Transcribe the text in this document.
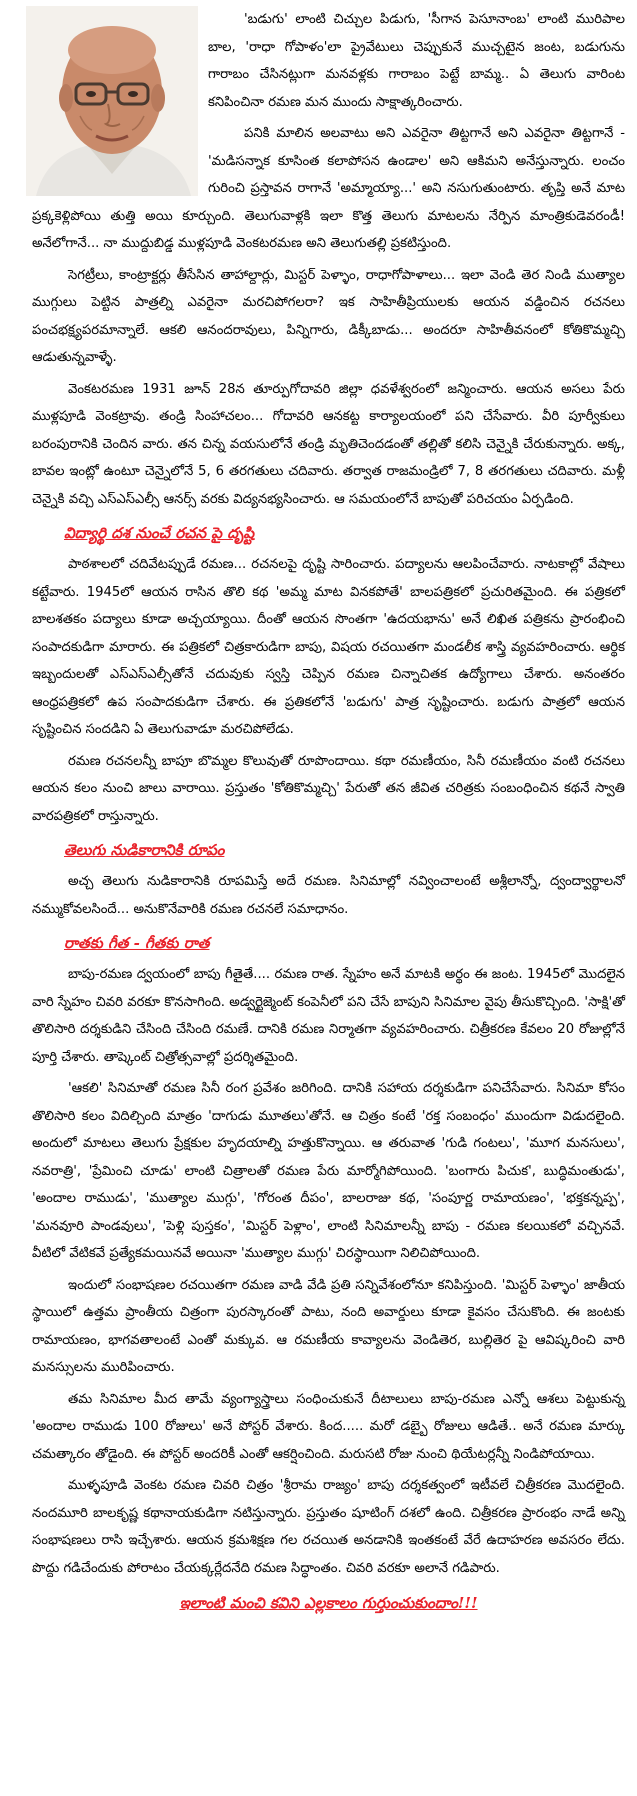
'బడుగు' లాంటి చిచ్చుల పిడుగు, 'సీగాన పెసూనాంబ' లాంటి మురిపాల బాల, 'రాధా గోపాళం'లా ప్రైవేటులు చెప్పుకునే ముచ్చటైన జంట, బడుగును గారాబం చేసినట్లుగా మనవళ్లకు గారాబం పెట్టే బామ్మ.. ఏ తెలుగు వారింట కనిపించినా రమణ మన ముందు సాక్షాత్కరించారు.

పనికి మాలిన అలవాటు అని ఎవరైనా తిట్టగానే అని ఎవరైనా తిట్టగానే - 'మడిసన్నాక కూసింత కలాపోసన ఉండాల' అని ఆకిమని అనేస్తున్నారు. లంచం గురించి ప్రస్తావన రాగానే 'అమ్మాయ్యా...' అని నసుగుతుంటారు. తృప్తి అనే మాట ప్రక్కకెళ్లిపోయి తుత్తి అయి కూర్చుంది. తెలుగువాళ్లకి ఇలా కొత్త తెలుగు మాటలను నేర్పిన మాంత్రికుడెవరండీ! అనేలోగానే... నా ముద్దుబిడ్డ ముళ్లపూడి వెంకటరమణ అని తెలుగుతల్లి ప్రకటిస్తుంది.

సెగట్రీలు, కాంట్రాక్టర్లు తీసేసిన తాహాల్దార్లు, మిస్టర్ పెళ్ళాం, రాధాగోపాళాలు... ఇలా వెండి తెర నిండి ముత్యాల ముగ్గులు పెట్టిన పాత్రల్ని ఎవరైనా మరచిపోగలరా? ఇక సాహితీప్రియులకు ఆయన వడ్డించిన రచనలు పంచభక్ష్యపరమాన్నాలే. ఆకలి ఆనందరావులు, పిన్నిగారు, డిక్కీబాడు... అందరూ సాహితీవనంలో కోతికొమ్మచ్చి ఆడుతున్నవాళ్ళే.

వెంకటరమణ 1931 జూన్ 28న తూర్పుగోదావరి జిల్లా ధవళేశ్వరంలో జన్మించారు. ఆయన అసలు పేరు ముళ్లపూడి వెంకట్రావు. తండ్రి సింహాచలం... గోదావరి ఆనకట్ట కార్యాలయంలో పని చేసేవారు. వీరి పూర్వీకులు బరంపురానికి చెందిన వారు. తన చిన్న వయసులోనే తండ్రి మృతిచెందడంతో తల్లితో కలిసి చెన్నైకి చేరుకున్నారు. అక్క, బావల ఇంట్లో ఉంటూ చెన్నైలోనే 5, 6 తరగతులు చదివారు. తర్వాత రాజమండ్రిలో 7, 8 తరగతులు చదివారు. మళ్లీ చెన్నైకి వచ్చి ఎస్ఎస్ఎల్సీ ఆనర్స్ వరకు విద్యనభ్యసించారు. ఆ సమయంలోనే బాపుతో పరిచయం ఏర్పడింది.

విద్యార్థి దశ నుంచే రచన పై దృష్టి

పాఠశాలలో చదివేటప్పుడే రమణ... రచనలపై దృష్టి సారించారు. పద్యాలను ఆలపించేవారు. నాటకాల్లో వేషాలు కట్టేవారు. 1945లో ఆయన రాసిన తొలి కథ 'అమ్మ మాట వినకపోతే' బాలపత్రికలో ప్రచురితమైంది. ఈ పత్రికలో బాలశతకం పద్యాలు కూడా అచ్చయ్యాయి. దీంతో ఆయన సొంతగా 'ఉదయభాను' అనే లిఖిత పత్రికను ప్రారంభించి సంపాదకుడిగా మారారు. ఈ పత్రికలో చిత్రకారుడిగా బాపు, విషయ రచయితగా మండలీక శాస్త్రి వ్యవహరించారు. ఆర్థిక ఇబ్బందులతో ఎస్ఎస్ఎల్సీతోనే చదువుకు స్వస్తి చెప్పిన రమణ చిన్నాచితక ఉద్యోగాలు చేశారు. అనంతరం ఆంధ్రపత్రికలో ఉప సంపాదకుడిగా చేశారు. ఈ ప్రతికలోనే 'బడుగు' పాత్ర సృష్టించారు. బడుగు పాత్రలో ఆయన సృష్టించిన సందడిని ఏ తెలుగువాడూ మరచిపోలేడు.

రమణ రచనలన్నీ బాపూ బొమ్మల కొలువుతో రూపొందాయి. కథా రమణీయం, సినీ రమణీయం వంటి రచనలు ఆయన కలం నుంచి జాలు వారాయి. ప్రస్తుతం 'కోతికొమ్మచ్చి' పేరుతో తన జీవిత చరిత్రకు సంబంధించిన కథనే స్వాతి వారపత్రికలో రాస్తున్నారు.

తెలుగు నుడికారానికి రూపం

అచ్చ తెలుగు నుడికారానికి రూపమిస్తే అదే రమణ. సినిమాల్లో నవ్వించాలంటే అశ్లీలాన్నో, ద్వంద్వార్థాలనో నమ్ముకోవలసిందే... అనుకొనేవారికి రమణ రచనలే సమాధానం.

రాతకు గీత - గీతకు రాత

బాపు-రమణ ద్వయంలో బాపు గీతైతే.... రమణ రాత. స్నేహం అనే మాటకి అర్థం ఈ జంట. 1945లో మొదలైన వారి స్నేహం చివరి వరకూ కొనసాగింది. అడ్వర్టైజ్మెంట్ కంపెనీలో పని చేసే బాపుని సినిమాల వైపు తీసుకొచ్చింది. 'సాక్షి'తో తొలిసారి దర్శకుడిని చేసింది చేసింది రమణే. దానికి రమణ నిర్మాతగా వ్యవహరించారు. చిత్రీకరణ కేవలం 20 రోజుల్లోనే పూర్తి చేశారు. తాష్కెంట్ చిత్రోత్సవాల్లో ప్రదర్శితమైంది.

'ఆకలి' సినిమాతో రమణ సినీ రంగ ప్రవేశం జరిగింది. దానికి సహాయ దర్శకుడిగా పనిచేసేవారు. సినిమా కోసం తొలిసారి కలం విదిల్చింది మాత్రం 'దాగుడు మూతలు'తోనే. ఆ చిత్రం కంటే 'రక్త సంబంధం' ముందుగా విడుదలైంది. అందులో మాటలు తెలుగు ప్రేక్షకుల హృదయాల్ని హత్తుకొన్నాయి. ఆ తరువాత 'గుడి గంటలు', 'మూగ మనసులు', నవరాత్రి', 'ప్రేమించి చూడు' లాంటి చిత్రాలతో రమణ పేరు మార్మోగిపోయింది. 'బంగారు పిచుక', బుద్ధిమంతుడు', 'అందాల రాముడు', 'ముత్యాల ముగ్గు', 'గోరంత దీపం', బాలరాజు కథ, 'సంపూర్ణ రామాయణం', 'భక్తకన్నప్ప', 'మనవూరి పాండవులు', 'పెళ్లి పుస్తకం', 'మిస్టర్ పెళ్లాం', లాంటి సినిమాలన్నీ బాపు - రమణ కలయికలో వచ్చినవే. వీటిలో వేటికవే ప్రత్యేకమయినవే అయినా 'ముత్యాల ముగ్గు' చిరస్థాయిగా నిలిచిపోయింది.

ఇందులో సంభాషణల రచయితగా రమణ వాడి వేడి ప్రతి సన్నివేశంలోనూ కనిపిస్తుంది. 'మిస్టర్ పెళ్ళాం' జాతీయ స్థాయిలో ఉత్తమ ప్రాంతీయ చిత్రంగా పురస్కారంతో పాటు, నంది అవార్డులు కూడా కైవసం చేసుకొంది. ఈ జంటకు రామాయణం, భాగవతాలంటే ఎంతో మక్కువ. ఆ రమణీయ కావ్యాలను వెండితెర, బుల్లితెర పై ఆవిష్కరించి వారి మనస్సులను మురిపించారు.

తమ సినిమాల మీద తామే వ్యంగ్యాస్త్రాలు సంధించుకునే దీటాలులు బాపు-రమణ ఎన్నో ఆశలు పెట్టుకున్న 'అందాల రాముడు 100 రోజులు' అనే పోస్టర్ వేశారు. కింద..... మరో డబ్బై రోజులు ఆడితే.. అనే రమణ మార్కు చమత్కారం తోడైంది. ఈ పోస్టర్ అందరికీ ఎంతో ఆకర్షించింది. మరుసటి రోజు నుంచి థియేటర్లన్నీ నిండిపోయాయి.

ముళ్ళపూడి వెంకట రమణ చివరి చిత్రం 'శ్రీరామ రాజ్యం' బాపు దర్శకత్వంలో ఇటీవలే చిత్రీకరణ మొదలైంది. నందమూరి బాలకృష్ణ కథానాయకుడిగా నటిస్తున్నారు. ప్రస్తుతం షూటింగ్ దశలో ఉంది. చిత్రీకరణ ప్రారంభం నాడే అన్ని సంభాషణలు రాసి ఇచ్చేశారు. ఆయన క్రమశిక్షణ గల రచయిత అనడానికి ఇంతకంటే వేరే ఉదాహరణ అవసరం లేదు. పొద్దు గడిచేందుకు పోరాటం చేయక్కర్లేదనేది రమణ సిద్ధాంతం. చివరి వరకూ అలానే గడిపారు.

ఇలాంటి మంచి కవిని ఎల్లకాలం గుర్తుంచుకుందాం!!!
